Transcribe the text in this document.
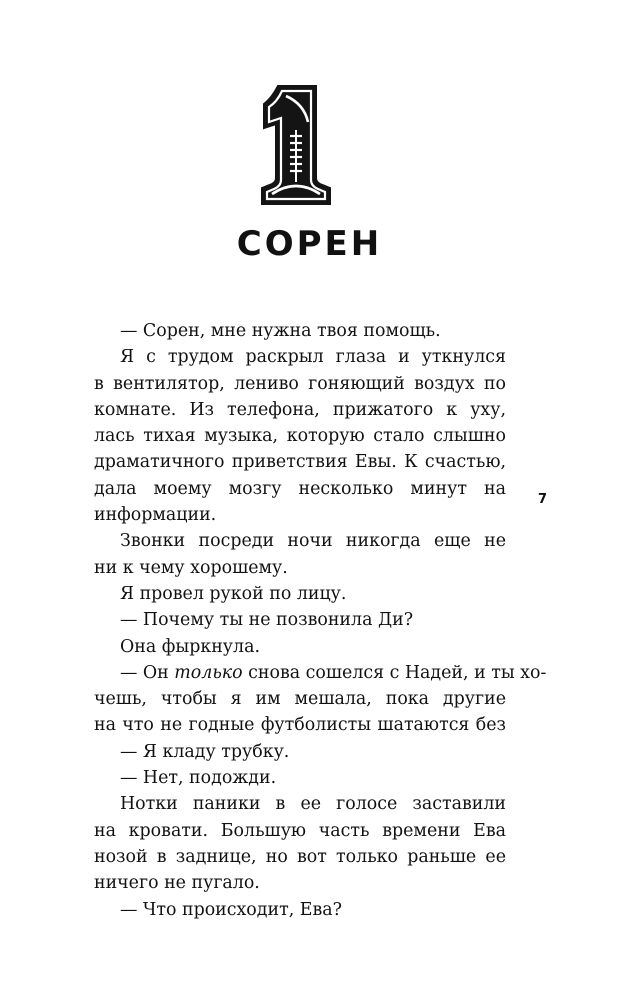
СОРЕН
— Сорен, мне нужна твоя помощь.
Я с трудом раскрыл глаза и уткнулся
в вентилятор, лениво гоняющий воздух по
комнате. Из телефона, прижатого к уху,
лась тихая музыка, которую стало слышно
драматичного приветствия Евы. К счастью,
дала моему мозгу несколько минут на
информации.
Звонки посреди ночи никогда еще не
ни к чему хорошему.
Я провел рукой по лицу.
— Почему ты не позвонила Ди?
Она фыркнула.
— Он только снова сошелся с Надей, и ты хо-
чешь, чтобы я им мешала, пока другие
на что не годные футболисты шатаются без
— Я кладу трубку.
— Нет, подожди.
Нотки паники в ее голосе заставили
на кровати. Большую часть времени Ева
нозой в заднице, но вот только раньше ее
ничего не пугало.
— Что происходит, Ева?
7
